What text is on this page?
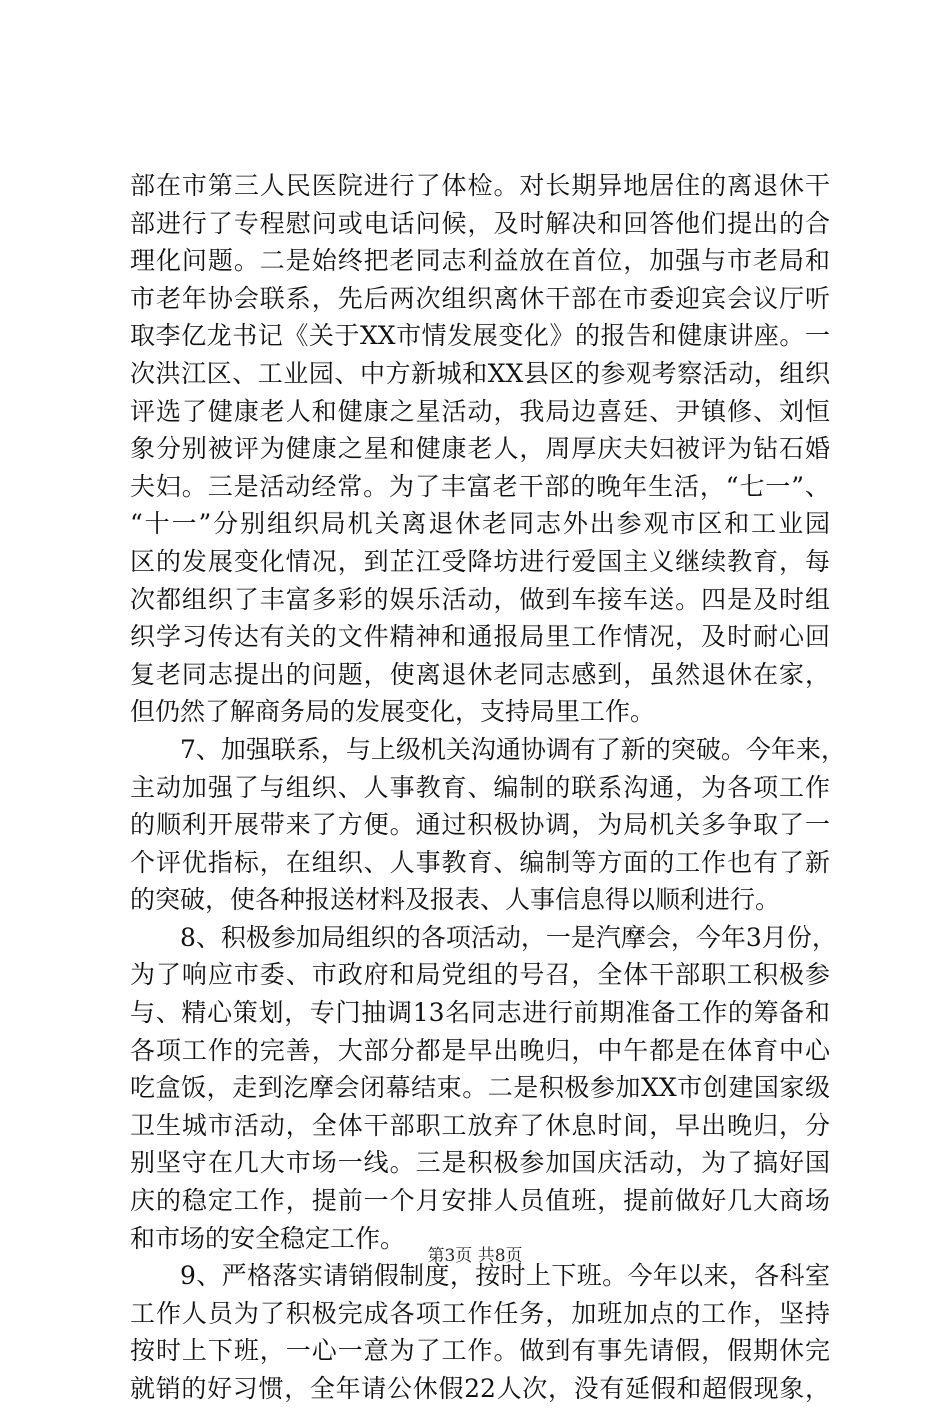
部在市第三人民医院进行了体检。对长期异地居住的离退休干
部进行了专程慰问或电话问候，及时解决和回答他们提出的合
理化问题。二是始终把老同志利益放在首位，加强与市老局和
市老年协会联系，先后两次组织离休干部在市委迎宾会议厅听
取李亿龙书记《关于XX市情发展变化》的报告和健康讲座。一
次洪江区、工业园、中方新城和XX县区的参观考察活动，组织
评选了健康老人和健康之星活动，我局边喜廷、尹镇修、刘恒
象分别被评为健康之星和健康老人，周厚庆夫妇被评为钻石婚
夫妇。三是活动经常。为了丰富老干部的晚年生活，“七一”、
“十一”分别组织局机关离退休老同志外出参观市区和工业园
区的发展变化情况，到芷江受降坊进行爱国主义继续教育，每
次都组织了丰富多彩的娱乐活动，做到车接车送。四是及时组
织学习传达有关的文件精神和通报局里工作情况，及时耐心回
复老同志提出的问题，使离退休老同志感到，虽然退休在家，
但仍然了解商务局的发展变化，支持局里工作。
7、加强联系，与上级机关沟通协调有了新的突破。今年来，
主动加强了与组织、人事教育、编制的联系沟通，为各项工作
的顺利开展带来了方便。通过积极协调，为局机关多争取了一
个评优指标，在组织、人事教育、编制等方面的工作也有了新
的突破，使各种报送材料及报表、人事信息得以顺利进行。
8、积极参加局组织的各项活动，一是汽摩会，今年3月份，
为了响应市委、市政府和局党组的号召，全体干部职工积极参
与、精心策划，专门抽调13名同志进行前期准备工作的筹备和
各项工作的完善，大部分都是早出晚归，中午都是在体育中心
吃盒饭，走到汔摩会闭幕结束。二是积极参加XX市创建国家级
卫生城市活动，全体干部职工放弃了休息时间，早出晚归，分
别坚守在几大市场一线。三是积极参加国庆活动，为了搞好国
庆的稳定工作，提前一个月安排人员值班，提前做好几大商场
和市场的安全稳定工作。
9、严格落实请销假制度，按时上下班。今年以来，各科室
工作人员为了积极完成各项工作任务，加班加点的工作，坚持
按时上下班，一心一意为了工作。做到有事先请假，假期休完
就销的好习惯，全年请公休假22人次，没有延假和超假现象，
第3页 共8页
